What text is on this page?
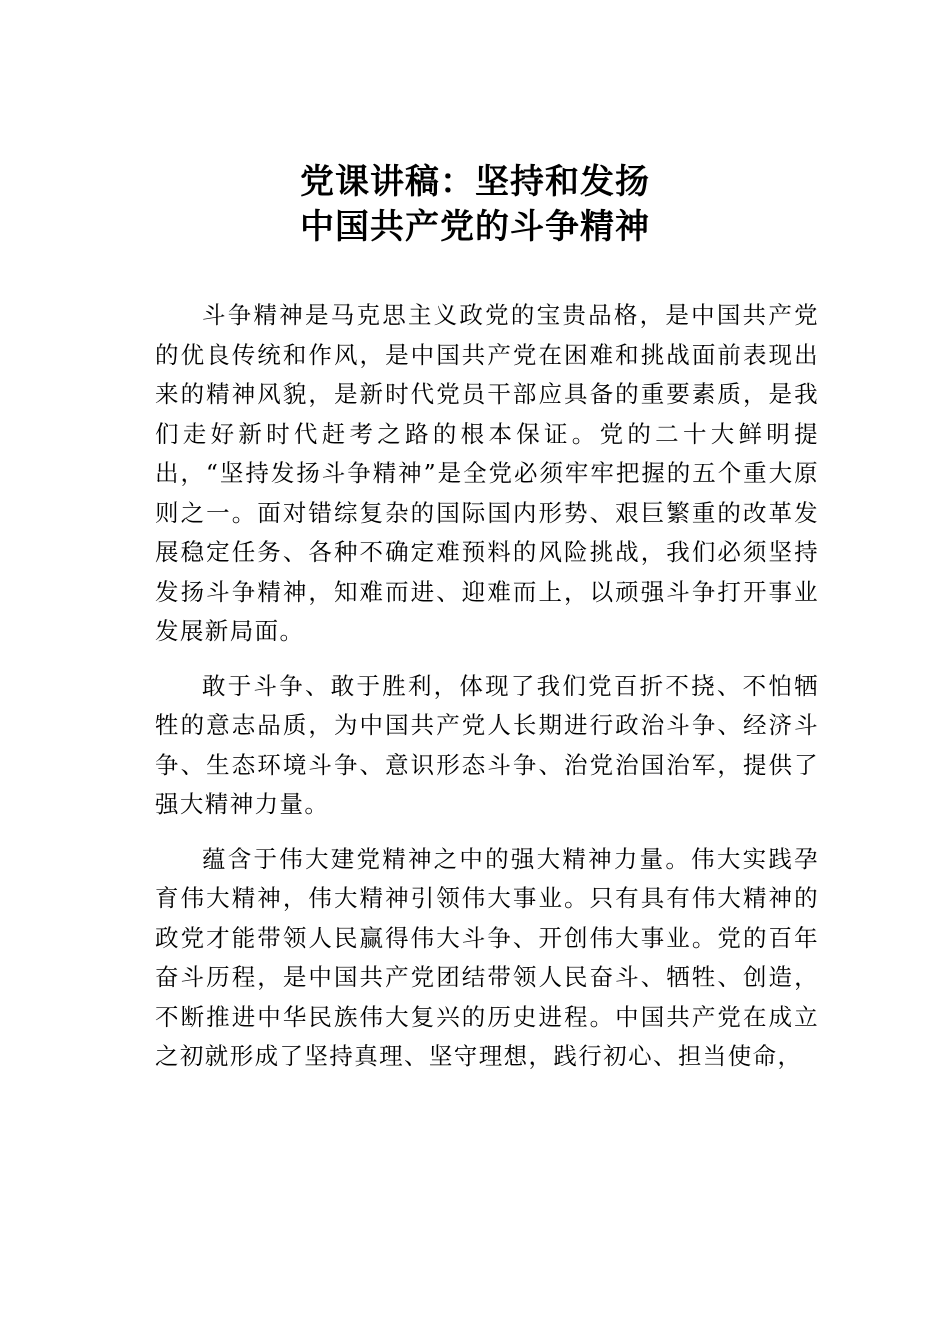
党课讲稿：坚持和发扬
中国共产党的斗争精神

斗争精神是马克思主义政党的宝贵品格，是中国共产党的优良传统和作风，是中国共产党在困难和挑战面前表现出来的精神风貌，是新时代党员干部应具备的重要素质，是我们走好新时代赶考之路的根本保证。党的二十大鲜明提出，“坚持发扬斗争精神”是全党必须牢牢把握的五个重大原则之一。面对错综复杂的国际国内形势、艰巨繁重的改革发展稳定任务、各种不确定难预料的风险挑战，我们必须坚持发扬斗争精神，知难而进、迎难而上，以顽强斗争打开事业发展新局面。

敢于斗争、敢于胜利，体现了我们党百折不挠、不怕牺牲的意志品质，为中国共产党人长期进行政治斗争、经济斗争、生态环境斗争、意识形态斗争、治党治国治军，提供了强大精神力量。

蕴含于伟大建党精神之中的强大精神力量。伟大实践孕育伟大精神，伟大精神引领伟大事业。只有具有伟大精神的政党才能带领人民赢得伟大斗争、开创伟大事业。党的百年奋斗历程，是中国共产党团结带领人民奋斗、牺牲、创造，不断推进中华民族伟大复兴的历史进程。中国共产党在成立之初就形成了坚持真理、坚守理想，践行初心、担当使命，
